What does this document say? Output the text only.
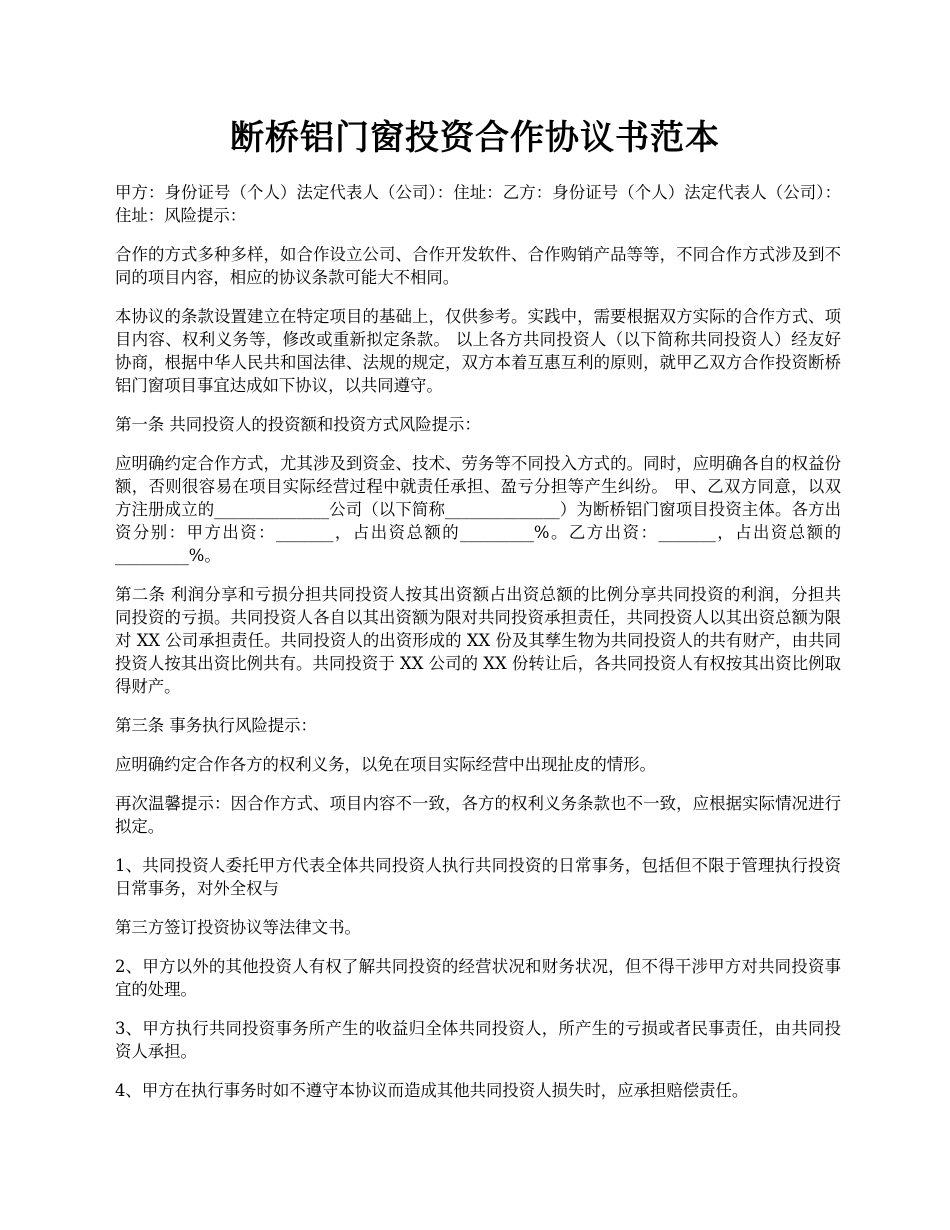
断桥铝门窗投资合作协议书范本

甲方：身份证号（个人）法定代表人（公司）：住址：乙方：身份证号（个人）法定代表人（公司）：住址：风险提示：

合作的方式多种多样，如合作设立公司、合作开发软件、合作购销产品等等，不同合作方式涉及到不同的项目内容，相应的协议条款可能大不相同。

本协议的条款设置建立在特定项目的基础上，仅供参考。实践中，需要根据双方实际的合作方式、项目内容、权利义务等，修改或重新拟定条款。 以上各方共同投资人（以下简称共同投资人）经友好协商，根据中华人民共和国法律、法规的规定，双方本着互惠互利的原则，就甲乙双方合作投资断桥铝门窗项目事宜达成如下协议，以共同遵守。

第一条 共同投资人的投资额和投资方式风险提示：

应明确约定合作方式，尤其涉及到资金、技术、劳务等不同投入方式的。同时，应明确各自的权益份额，否则很容易在项目实际经营过程中就责任承担、盈亏分担等产生纠纷。 甲、乙双方同意，以双方注册成立的______________公司（以下简称______________）为断桥铝门窗项目投资主体。各方出资分别：甲方出资：_______，占出资总额的_________%。乙方出资：_______，占出资总额的_________%。

第二条 利润分享和亏损分担共同投资人按其出资额占出资总额的比例分享共同投资的利润，分担共同投资的亏损。共同投资人各自以其出资额为限对共同投资承担责任，共同投资人以其出资总额为限对 XX 公司承担责任。共同投资人的出资形成的 XX 份及其孳生物为共同投资人的共有财产，由共同投资人按其出资比例共有。共同投资于 XX 公司的 XX 份转让后，各共同投资人有权按其出资比例取得财产。

第三条 事务执行风险提示：

应明确约定合作各方的权利义务，以免在项目实际经营中出现扯皮的情形。

再次温馨提示：因合作方式、项目内容不一致，各方的权利义务条款也不一致，应根据实际情况进行拟定。

1、共同投资人委托甲方代表全体共同投资人执行共同投资的日常事务，包括但不限于管理执行投资日常事务，对外全权与

第三方签订投资协议等法律文书。

2、甲方以外的其他投资人有权了解共同投资的经营状况和财务状况，但不得干涉甲方对共同投资事宜的处理。

3、甲方执行共同投资事务所产生的收益归全体共同投资人，所产生的亏损或者民事责任，由共同投资人承担。

4、甲方在执行事务时如不遵守本协议而造成其他共同投资人损失时，应承担赔偿责任。
